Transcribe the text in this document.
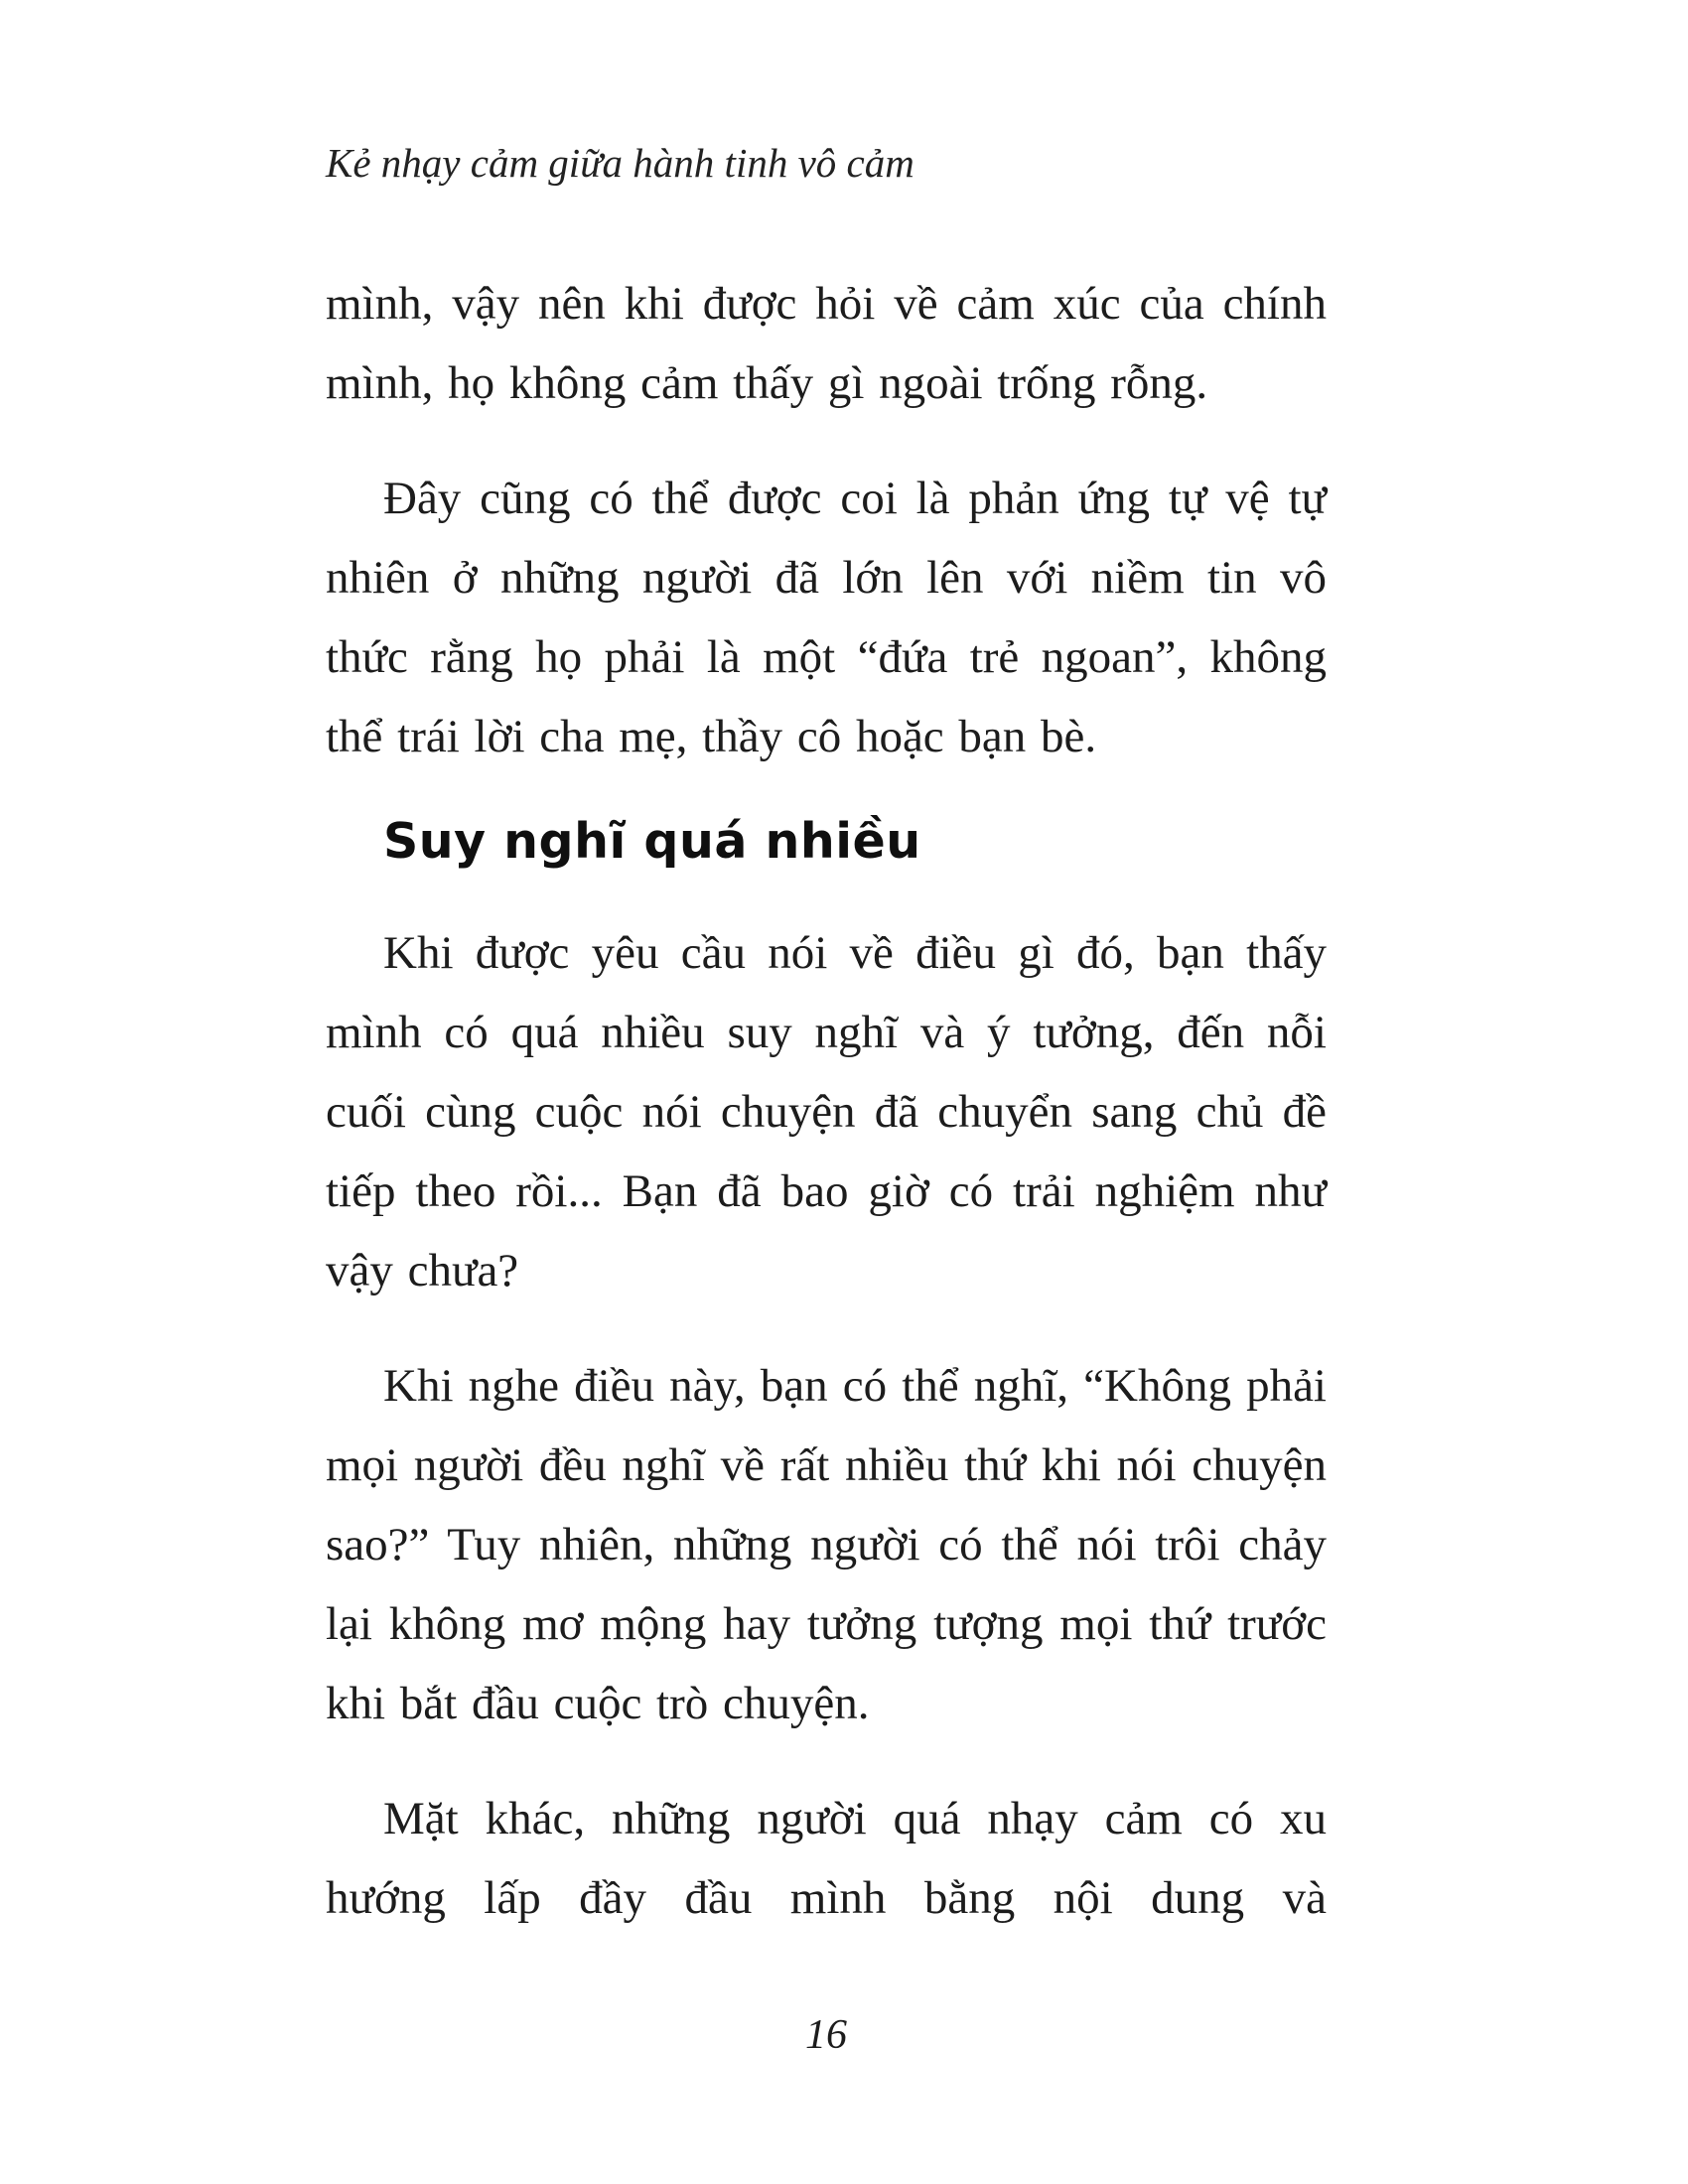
Kẻ nhạy cảm giữa hành tinh vô cảm

mình, vậy nên khi được hỏi về cảm xúc của chính mình, họ không cảm thấy gì ngoài trống rỗng.

Đây cũng có thể được coi là phản ứng tự vệ tự nhiên ở những người đã lớn lên với niềm tin vô thức rằng họ phải là một “đứa trẻ ngoan”, không thể trái lời cha mẹ, thầy cô hoặc bạn bè.

Suy nghĩ quá nhiều

Khi được yêu cầu nói về điều gì đó, bạn thấy mình có quá nhiều suy nghĩ và ý tưởng, đến nỗi cuối cùng cuộc nói chuyện đã chuyển sang chủ đề tiếp theo rồi... Bạn đã bao giờ có trải nghiệm như vậy chưa?

Khi nghe điều này, bạn có thể nghĩ, “Không phải mọi người đều nghĩ về rất nhiều thứ khi nói chuyện sao?” Tuy nhiên, những người có thể nói trôi chảy lại không mơ mộng hay tưởng tượng mọi thứ trước khi bắt đầu cuộc trò chuyện.

Mặt khác, những người quá nhạy cảm có xu hướng lấp đầy đầu mình bằng nội dung và

16
